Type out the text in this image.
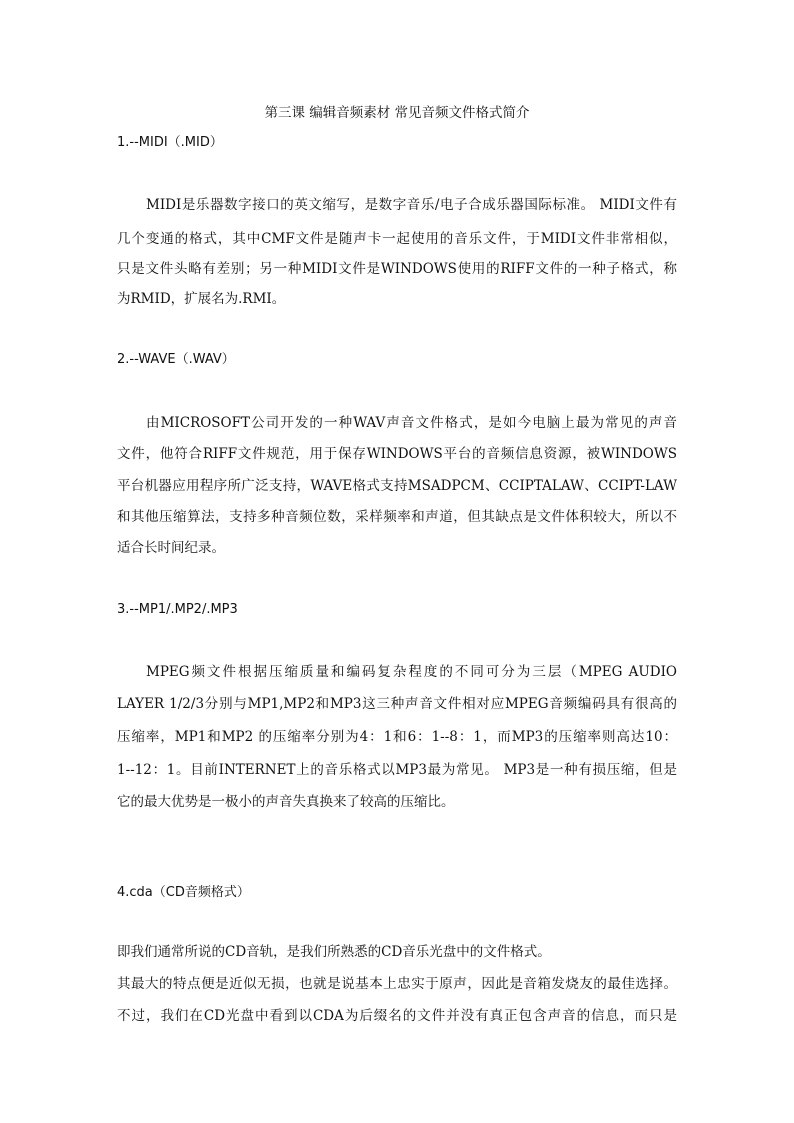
第三课 编辑音频素材 常见音频文件格式简介
1.--MIDI（.MID）
MIDI是乐器数字接口的英文缩写，是数字音乐/电子合成乐器国际标准。 MIDI文件有
几个变通的格式，其中CMF文件是随声卡一起使用的音乐文件，于MIDI文件非常相似，
只是文件头略有差别；另一种MIDI文件是WINDOWS使用的RIFF文件的一种子格式，称
为RMID，扩展名为.RMI。
2.--WAVE（.WAV）
由MICROSOFT公司开发的一种WAV声音文件格式，是如今电脑上最为常见的声音
文件，他符合RIFF文件规范，用于保存WINDOWS平台的音频信息资源，被WINDOWS
平台机器应用程序所广泛支持，WAVE格式支持MSADPCM、CCIPTALAW、CCIPT-LAW
和其他压缩算法，支持多种音频位数，采样频率和声道，但其缺点是文件体积较大，所以不
适合长时间纪录。
3.--MP1/.MP2/.MP3
MPEG频文件根据压缩质量和编码复杂程度的不同可分为三层（MPEG AUDIO
LAYER 1/2/3分别与MP1,MP2和MP3这三种声音文件相对应MPEG音频编码具有很高的
压缩率，MP1和MP2 的压缩率分别为4：1和6：1--8：1，而MP3的压缩率则高达10：
1--12：1。目前INTERNET上的音乐格式以MP3最为常见。 MP3是一种有损压缩，但是
它的最大优势是一极小的声音失真换来了较高的压缩比。
4.cda（CD音频格式）
即我们通常所说的CD音轨，是我们所熟悉的CD音乐光盘中的文件格式。
其最大的特点便是近似无损，也就是说基本上忠实于原声，因此是音箱发烧友的最佳选择。
不过，我们在CD光盘中看到以CDA为后缀名的文件并没有真正包含声音的信息，而只是
